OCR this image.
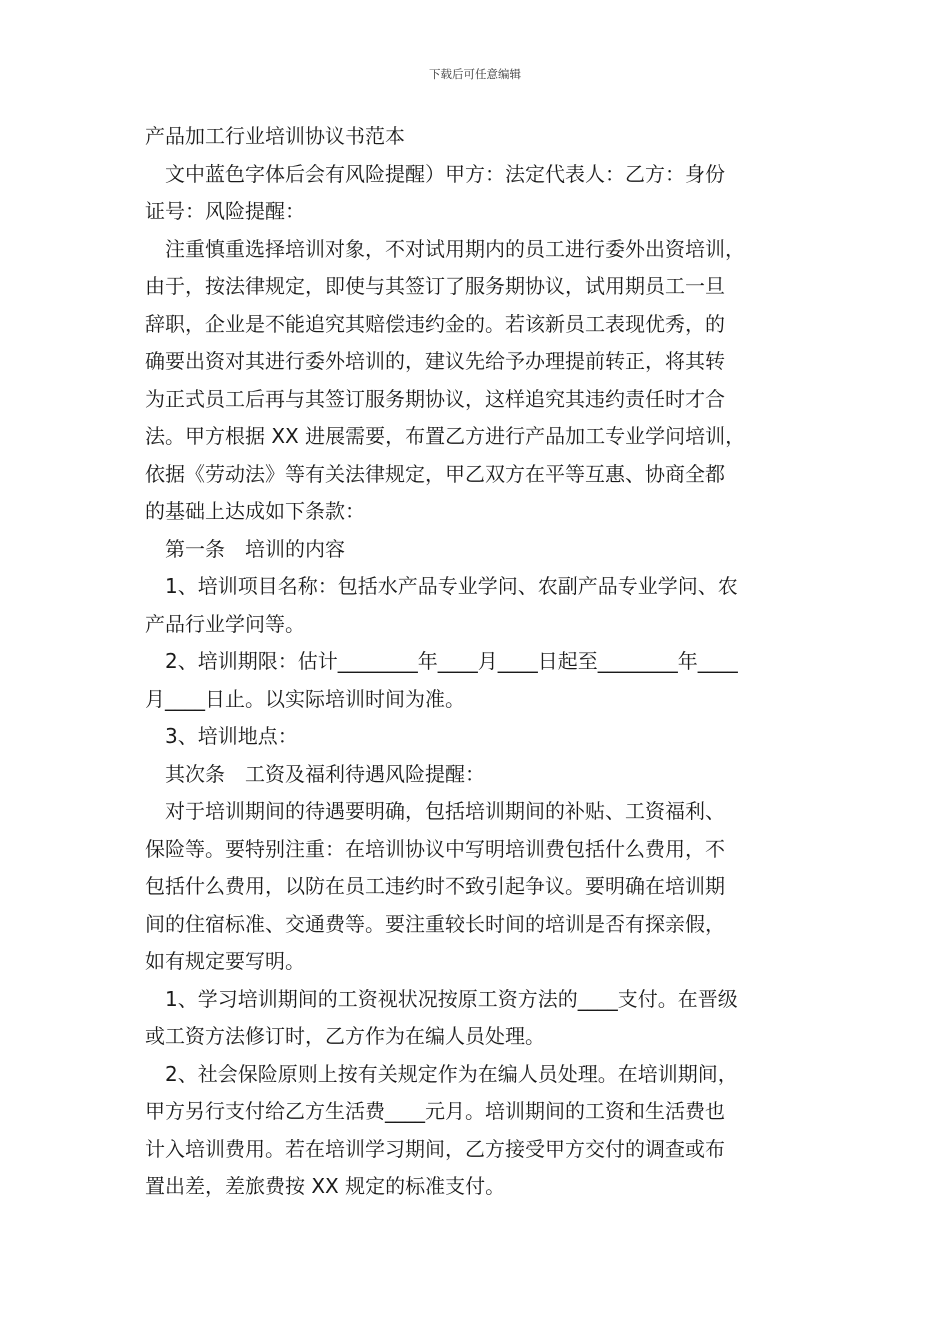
下载后可任意编辑
产品加工行业培训协议书范本
文中蓝色字体后会有风险提醒）甲方：法定代表人：乙方：身份
证号：风险提醒：
注重慎重选择培训对象，不对试用期内的员工进行委外出资培训，
由于，按法律规定，即使与其签订了服务期协议，试用期员工一旦
辞职，企业是不能追究其赔偿违约金的。若该新员工表现优秀，的
确要出资对其进行委外培训的，建议先给予办理提前转正，将其转
为正式员工后再与其签订服务期协议，这样追究其违约责任时才合
法。甲方根据 XX 进展需要，布置乙方进行产品加工专业学问培训，
依据《劳动法》等有关法律规定，甲乙双方在平等互惠、协商全都
的基础上达成如下条款：
第一条　培训的内容
1、培训项目名称：包括水产品专业学问、农副产品专业学问、农
产品行业学问等。
2、培训期限：估计________年____月____日起至________年____
月____日止。以实际培训时间为准。
3、培训地点：
其次条　工资及福利待遇风险提醒：
对于培训期间的待遇要明确，包括培训期间的补贴、工资福利、
保险等。要特别注重：在培训协议中写明培训费包括什么费用，不
包括什么费用，以防在员工违约时不致引起争议。要明确在培训期
间的住宿标准、交通费等。要注重较长时间的培训是否有探亲假，
如有规定要写明。
1、学习培训期间的工资视状况按原工资方法的____支付。在晋级
或工资方法修订时，乙方作为在编人员处理。
2、社会保险原则上按有关规定作为在编人员处理。在培训期间，
甲方另行支付给乙方生活费____元月。培训期间的工资和生活费也
计入培训费用。若在培训学习期间，乙方接受甲方交付的调查或布
置出差，差旅费按 XX 规定的标准支付。
